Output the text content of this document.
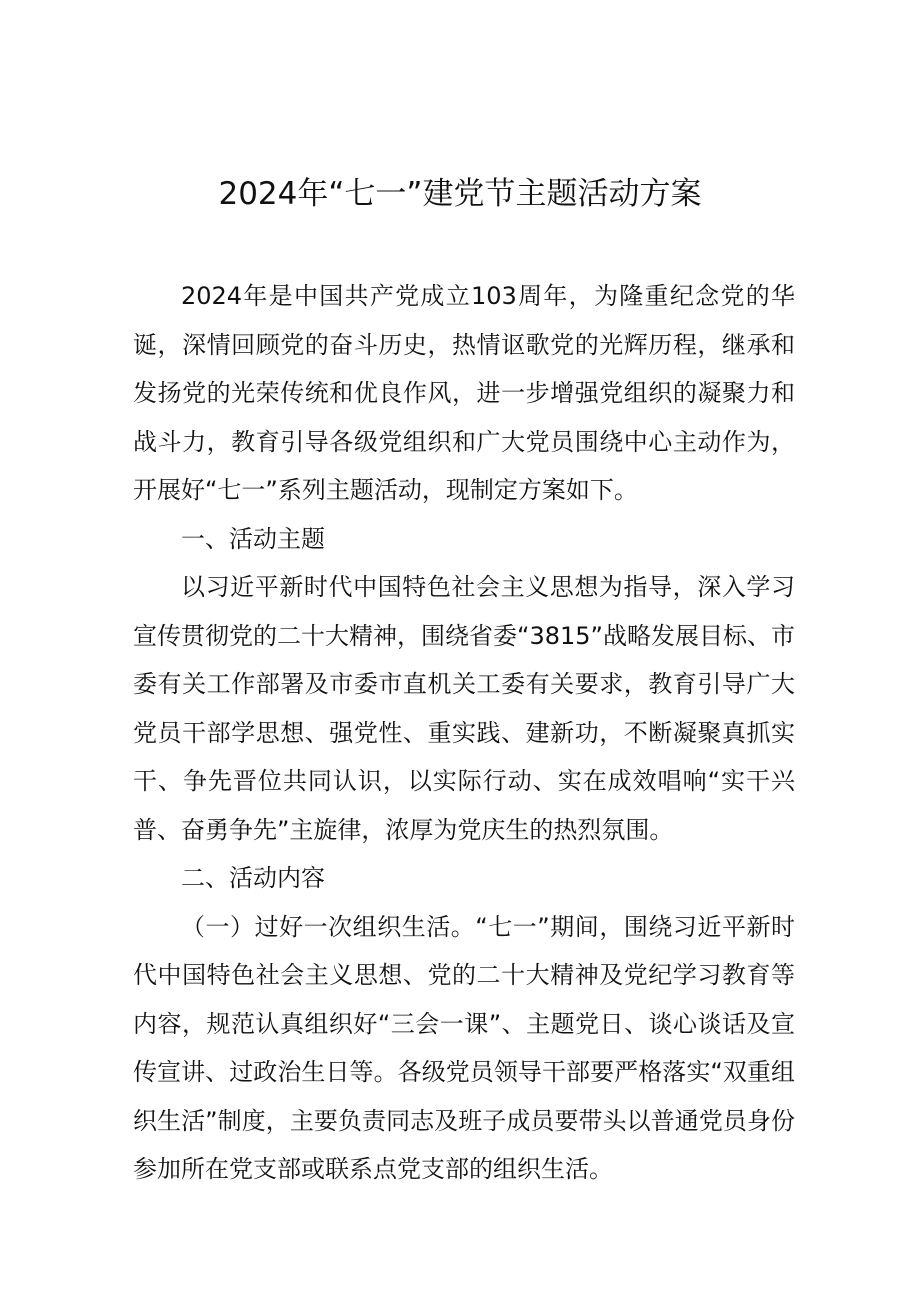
2024年“七一”建党节主题活动方案

2024年是中国共产党成立103周年，为隆重纪念党的华诞，深情回顾党的奋斗历史，热情讴歌党的光辉历程，继承和发扬党的光荣传统和优良作风，进一步增强党组织的凝聚力和战斗力，教育引导各级党组织和广大党员围绕中心主动作为，开展好“七一”系列主题活动，现制定方案如下。

一、活动主题

以习近平新时代中国特色社会主义思想为指导，深入学习宣传贯彻党的二十大精神，围绕省委“3815”战略发展目标、市委有关工作部署及市委市直机关工委有关要求，教育引导广大党员干部学思想、强党性、重实践、建新功，不断凝聚真抓实干、争先晋位共同认识，以实际行动、实在成效唱响“实干兴普、奋勇争先”主旋律，浓厚为党庆生的热烈氛围。

二、活动内容

（一）过好一次组织生活。“七一”期间，围绕习近平新时代中国特色社会主义思想、党的二十大精神及党纪学习教育等内容，规范认真组织好“三会一课”、主题党日、谈心谈话及宣传宣讲、过政治生日等。各级党员领导干部要严格落实“双重组织生活”制度，主要负责同志及班子成员要带头以普通党员身份参加所在党支部或联系点党支部的组织生活。
